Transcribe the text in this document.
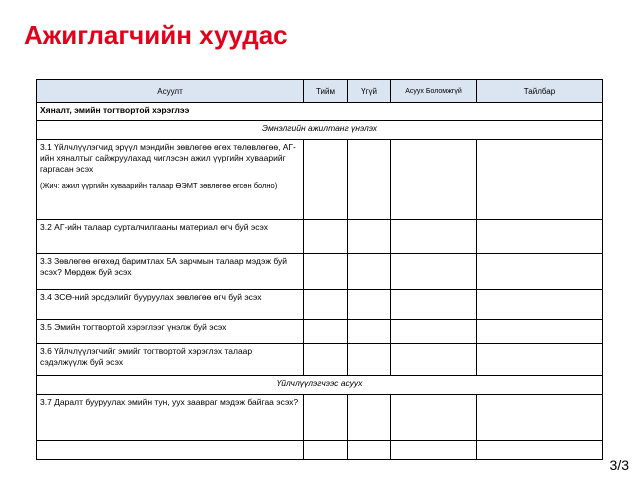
Ажиглагчийн хуудас
Асуулт	Тийм	Үгүй	Асуух Боломжгүй	Тайлбар
Хяналт, эмийн тогтвортой хэрэглээ				
Эмнэлгийн ажилтанг үнэлэх				
3.1 Үйлчлүүлэгчид эрүүл мэндийн зөвлөгөө өгөх төлөвлөгөө, АГ-ийн хяналтыг сайжруулахад чиглэсэн ажил үүргийн хуваарийг гаргасан эсэх
(Жич: ажил үүргийн хуваарийн талаар ӨЭМТ зөвлөгөө өгсөн болно)				

3.2 АГ-ийн талаар сурталчилгааны материал өгч буй эсэх				
3.3 Зөвлөгөө өгөхөд баримтлах 5А зарчмын талаар мэдэж буй эсэх? Мөрдөж буй эсэх				
3.4 ЗСӨ-ний эрсдэлийг бууруулах зөвлөгөө өгч буй эсэх				
3.5 Эмийн тогтвортой хэрэглээг үнэлж буй эсэх				
3.6 Үйлчлүүлэгчийг эмийг тогтвортой хэрэглэх талаар сэдэлжүүлж буй эсэх				
Үйлчлүүлэгчээс асуух				
3.7 Даралт бууруулах эмийн тун, уух заавраг мэдэж байгаа эсэх?				

3/3
